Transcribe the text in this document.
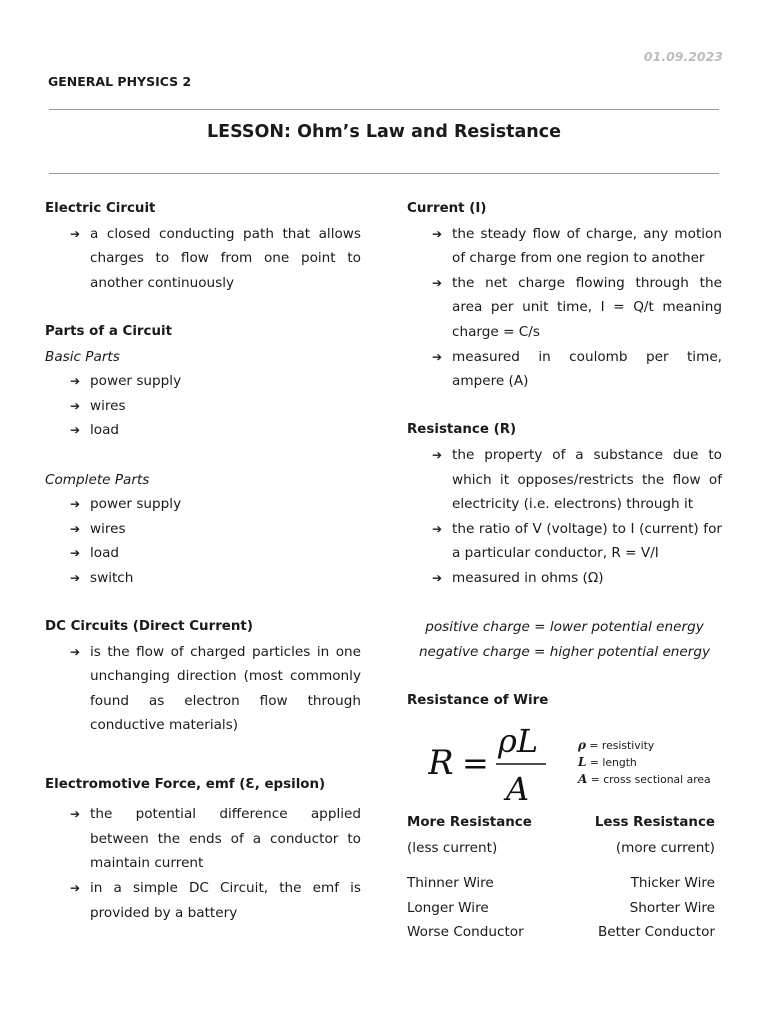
01.09.2023
GENERAL PHYSICS 2
LESSON: Ohm’s Law and Resistance
Electric Circuit
➔ a closed conducting path that allows charges to flow from one point to another continuously
Parts of a Circuit
Basic Parts
➔ power supply
➔ wires
➔ load
Complete Parts
➔ power supply
➔ wires
➔ load
➔ switch
DC Circuits (Direct Current)
➔ is the flow of charged particles in one unchanging direction (most commonly found as electron flow through conductive materials)
Electromotive Force, emf (Ɛ, epsilon)
➔ the potential difference applied between the ends of a conductor to maintain current
➔ in a simple DC Circuit, the emf is provided by a battery
Current (I)
➔ the steady flow of charge, any motion of charge from one region to another
➔ the net charge flowing through the area per unit time, I = Q/t meaning charge = C/s
➔ measured in coulomb per time, ampere (A)
Resistance (R)
➔ the property of a substance due to which it opposes/restricts the flow of electricity (i.e. electrons) through it
➔ the ratio of V (voltage) to I (current) for a particular conductor, R = V/I
➔ measured in ohms (Ω)
positive charge = lower potential energy
negative charge = higher potential energy
Resistance of Wire
R =
ρL
A
ρ = resistivity
L = length
A = cross sectional area
More Resistance
(less current)
Thinner Wire
Longer Wire
Worse Conductor
Less Resistance
(more current)
Thicker Wire
Shorter Wire
Better Conductor
